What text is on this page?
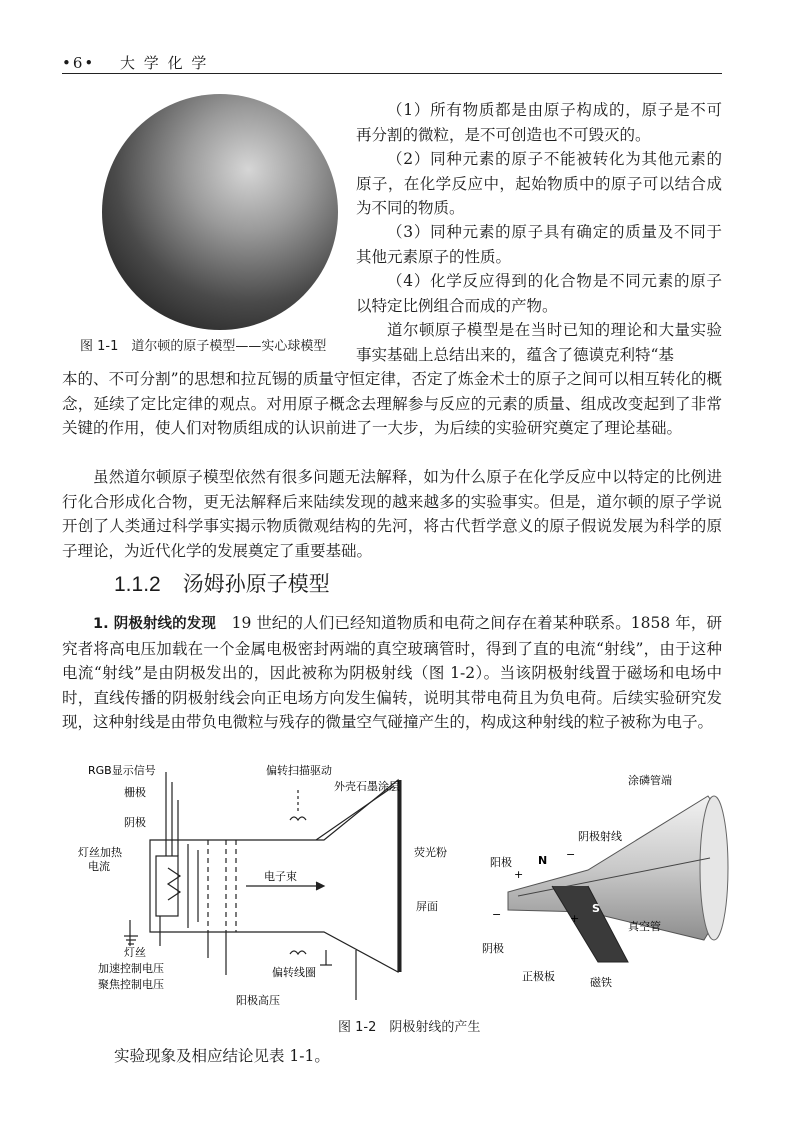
•6• 大 学 化 学
图 1-1　道尔顿的原子模型——实心球模型

（1）所有物质都是由原子构成的，原子是不可再分割的微粒，是不可创造也不可毁灭的。

（2）同种元素的原子不能被转化为其他元素的原子，在化学反应中，起始物质中的原子可以结合成为不同的物质。

（3）同种元素的原子具有确定的质量及不同于其他元素原子的性质。

（4）化学反应得到的化合物是不同元素的原子以特定比例组合而成的产物。

道尔顿原子模型是在当时已知的理论和大量实验事实基础上总结出来的，蕴含了德谟克利特“基

本的、不可分割”的思想和拉瓦锡的质量守恒定律，否定了炼金术士的原子之间可以相互转化的概念，延续了定比定律的观点。对用原子概念去理解参与反应的元素的质量、组成改变起到了非常关键的作用，使人们对物质组成的认识前进了一大步，为后续的实验研究奠定了理论基础。

虽然道尔顿原子模型依然有很多问题无法解释，如为什么原子在化学反应中以特定的比例进行化合形成化合物，更无法解释后来陆续发现的越来越多的实验事实。但是，道尔顿的原子学说开创了人类通过科学事实揭示物质微观结构的先河，将古代哲学意义的原子假说发展为科学的原子理论，为近代化学的发展奠定了重要基础。

1.1.2 汤姆孙原子模型

1. 阴极射线的发现　 19 世纪的人们已经知道物质和电荷之间存在着某种联系。1858 年，研究者将高电压加载在一个金属电极密封两端的真空玻璃管时，得到了直的电流“射线”，由于这种电流“射线”是由阴极发出的，因此被称为阴极射线（图 1-2）。当该阴极射线置于磁场和电场中时，直线传播的阴极射线会向正电场方向发生偏转，说明其带电荷且为负电荷。后续实验研究发现，这种射线是由带负电微粒与残存的微量空气碰撞产生的，构成这种射线的粒子被称为电子。

RGB显示信号
栅极
阴极
灯丝加热
电流
灯丝
加速控制电压
聚焦控制电压
阳极高压
偏转扫描驱动
外壳石墨涂层
荧光粉
电子束
屏面
偏转线圈
涂磷管端
阴极射线
阳极
阴极
正极板
真空管
磁铁
N
S
+
−	+
−
图 1-2　阴极射线的产生
实验现象及相应结论见表 1-1。
